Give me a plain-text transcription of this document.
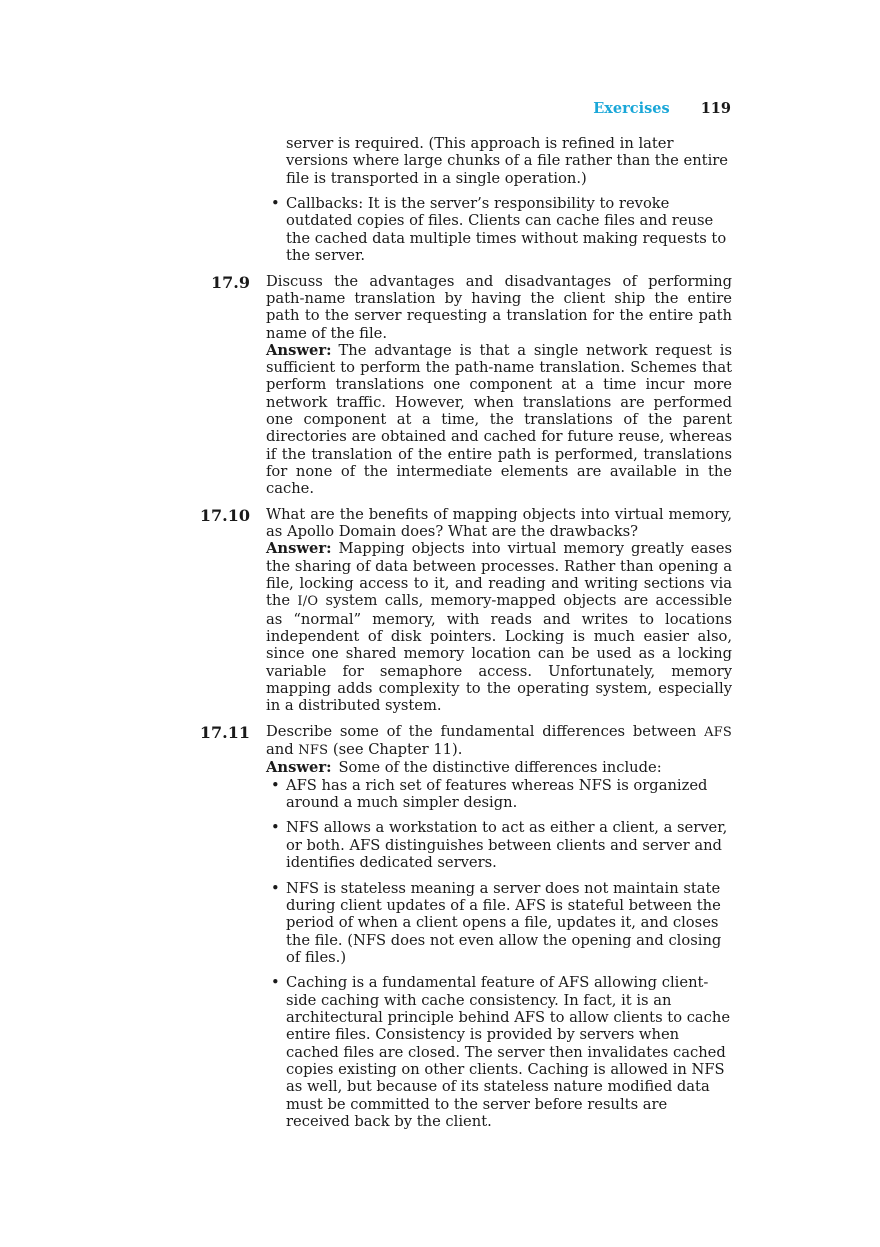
Exercises 119

server is required. (This approach is refined in later versions where large chunks of a file rather than the entire file is transported in a single operation.)

• Callbacks: It is the server’s responsibility to revoke outdated copies of files. Clients can cache files and reuse the cached data multiple times without making requests to the server.
17.9 Discuss the advantages and disadvantages of performing path-name translation by having the client ship the entire path to the server requesting a translation for the entire path name of the file.

Answer: The advantage is that a single network request is sufficient to perform the path-name translation. Schemes that perform translations one component at a time incur more network traffic. However, when translations are performed one component at a time, the translations of the parent directories are obtained and cached for future reuse, whereas if the translation of the entire path is performed, translations for none of the intermediate elements are available in the cache.

17.10 What are the benefits of mapping objects into virtual memory, as Apollo Domain does? What are the drawbacks?

Answer: Mapping objects into virtual memory greatly eases the sharing of data between processes. Rather than opening a file, locking access to it, and reading and writing sections via the I/O system calls, memory-mapped objects are accessible as “normal” memory, with reads and writes to locations independent of disk pointers. Locking is much easier also, since one shared memory location can be used as a locking variable for semaphore access. Unfortunately, memory mapping adds complexity to the operating system, especially in a distributed system.

17.11 Describe some of the fundamental differences between AFS and NFS (see Chapter 11).

Answer: Some of the distinctive differences include:

• AFS has a rich set of features whereas NFS is organized around a much simpler design.
• NFS allows a workstation to act as either a client, a server, or both. AFS distinguishes between clients and server and identifies dedicated servers.
• NFS is stateless meaning a server does not maintain state during client updates of a file. AFS is stateful between the period of when a client opens a file, updates it, and closes the file. (NFS does not even allow the opening and closing of files.)
• Caching is a fundamental feature of AFS allowing client-side caching with cache consistency. In fact, it is an architectural principle behind AFS to allow clients to cache entire files. Consistency is provided by servers when cached files are closed. The server then invalidates cached copies existing on other clients. Caching is allowed in NFS as well, but because of its stateless nature modified data must be committed to the server before results are received back by the client.
